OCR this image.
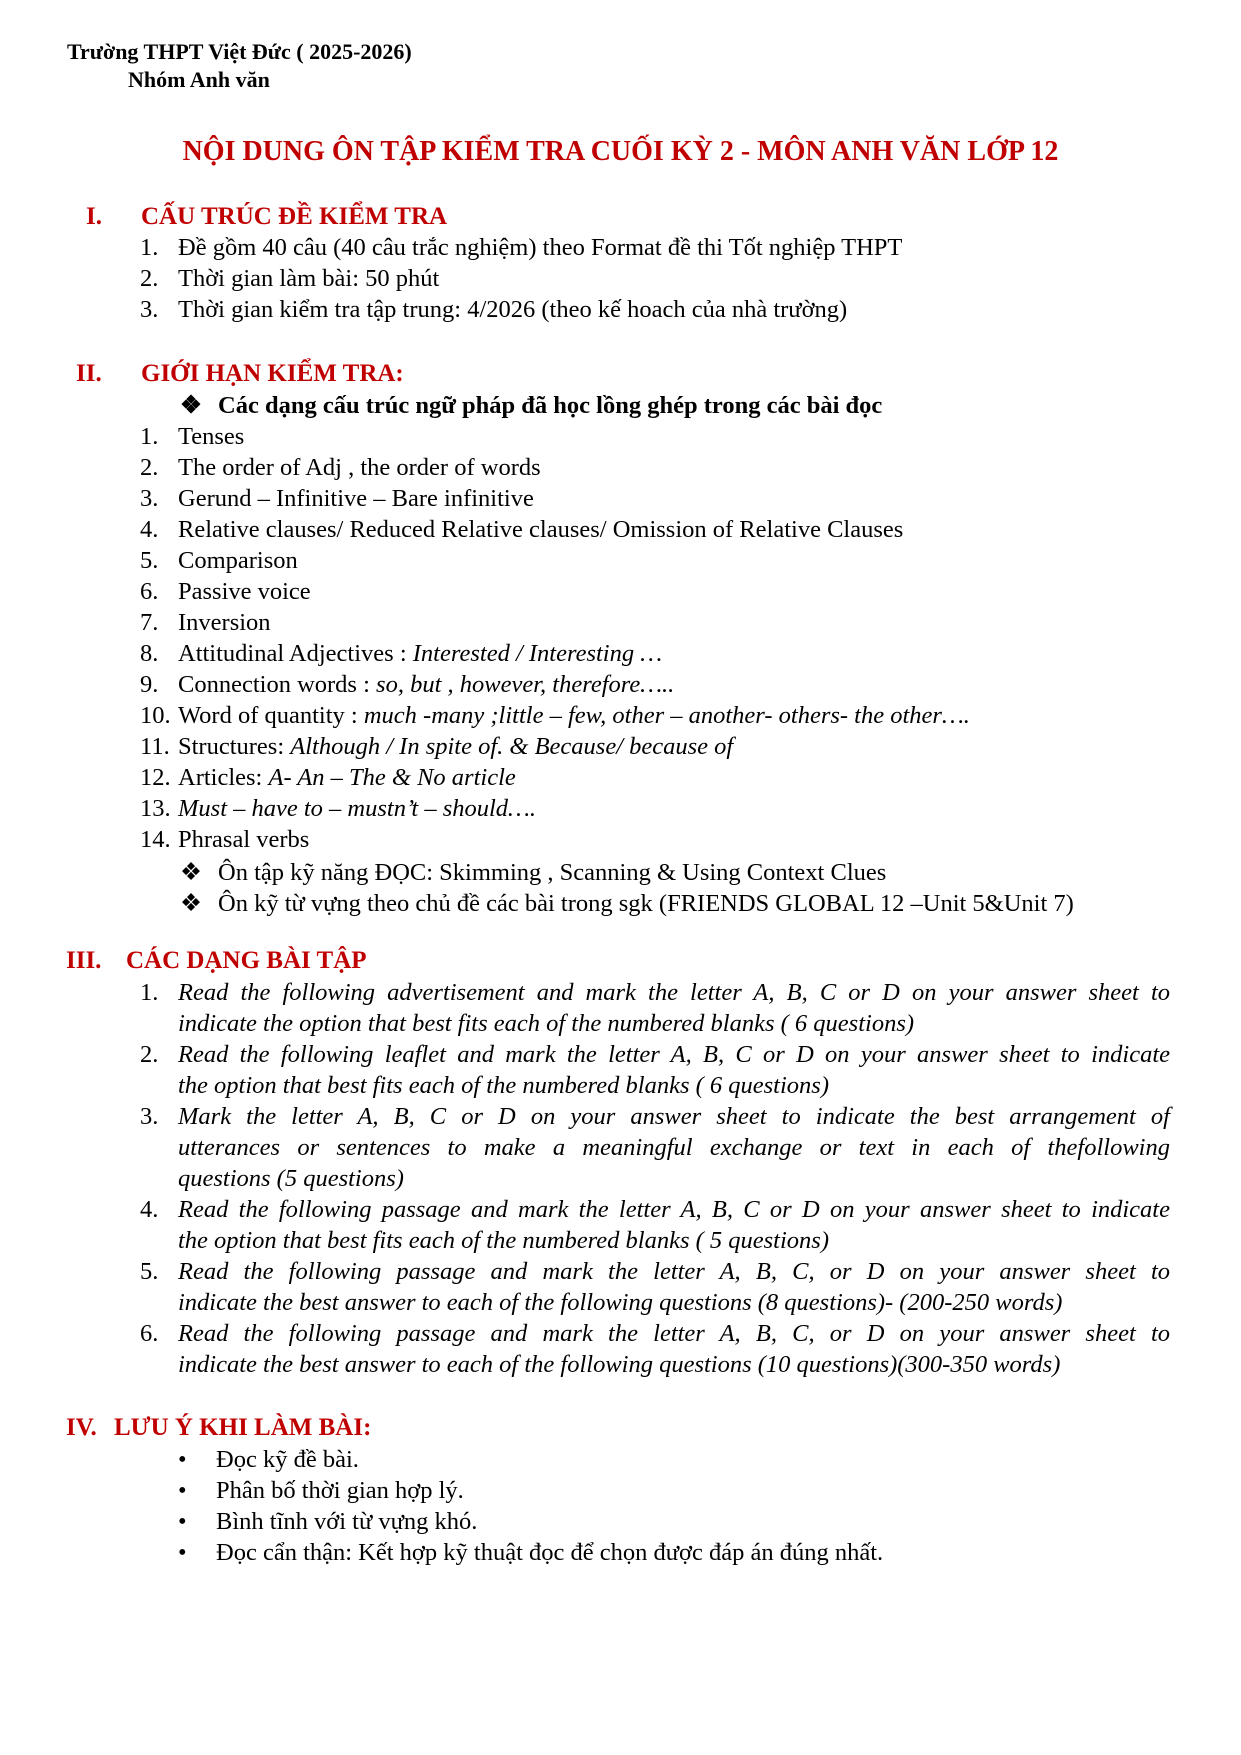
Trường THPT Việt Đức ( 2025-2026)
Nhóm Anh văn
NỘI DUNG ÔN TẬP KIỂM TRA CUỐI KỲ 2 - MÔN ANH VĂN LỚP 12
I. CẤU TRÚC ĐỀ KIỂM TRA
1. Đề gồm 40 câu (40 câu trắc nghiệm) theo Format đề thi Tốt nghiệp THPT
2. Thời gian làm bài: 50 phút
3. Thời gian kiểm tra tập trung: 4/2026 (theo kế hoach của nhà trường)
II. GIỚI HẠN KIỂM TRA:
❖ Các dạng cấu trúc ngữ pháp đã học lồng ghép trong các bài đọc
1. Tenses
2. The order of Adj , the order of words
3. Gerund – Infinitive – Bare infinitive
4. Relative clauses/ Reduced Relative clauses/ Omission of Relative Clauses
5. Comparison
6. Passive voice
7. Inversion
8. Attitudinal Adjectives : Interested / Interesting …
9. Connection words : so, but , however, therefore…..
10. Word of quantity : much -many ;little – few, other – another- others- the other….
11. Structures: Although / In spite of. & Because/ because of
12. Articles: A- An – The & No article
13. Must – have to – mustn’t – should….
14. Phrasal verbs
❖ Ôn tập kỹ năng ĐỌC: Skimming , Scanning & Using Context Clues
❖ Ôn kỹ từ vựng theo chủ đề các bài trong sgk (FRIENDS GLOBAL 12 –Unit 5&Unit 7)
III. CÁC DẠNG BÀI TẬP
1. Read the following advertisement and mark the letter A, B, C or D on your answer sheet to
indicate the option that best fits each of the numbered blanks ( 6 questions)
2. Read the following leaflet and mark the letter A, B, C or D on your answer sheet to indicate
the option that best fits each of the numbered blanks ( 6 questions)
3. Mark the letter A, B, C or D on your answer sheet to indicate the best arrangement of
utterances or sentences to make a meaningful exchange or text in each of thefollowing
questions (5 questions)
4. Read the following passage and mark the letter A, B, C or D on your answer sheet to indicate
the option that best fits each of the numbered blanks ( 5 questions)
5. Read the following passage and mark the letter A, B, C, or D on your answer sheet to
indicate the best answer to each of the following questions (8 questions)- (200-250 words)
6. Read the following passage and mark the letter A, B, C, or D on your answer sheet to
indicate the best answer to each of the following questions (10 questions)(300-350 words)
IV. LƯU Ý KHI LÀM BÀI:
• Đọc kỹ đề bài.
• Phân bố thời gian hợp lý.
• Bình tĩnh với từ vựng khó.
• Đọc cẩn thận: Kết hợp kỹ thuật đọc để chọn được đáp án đúng nhất.
